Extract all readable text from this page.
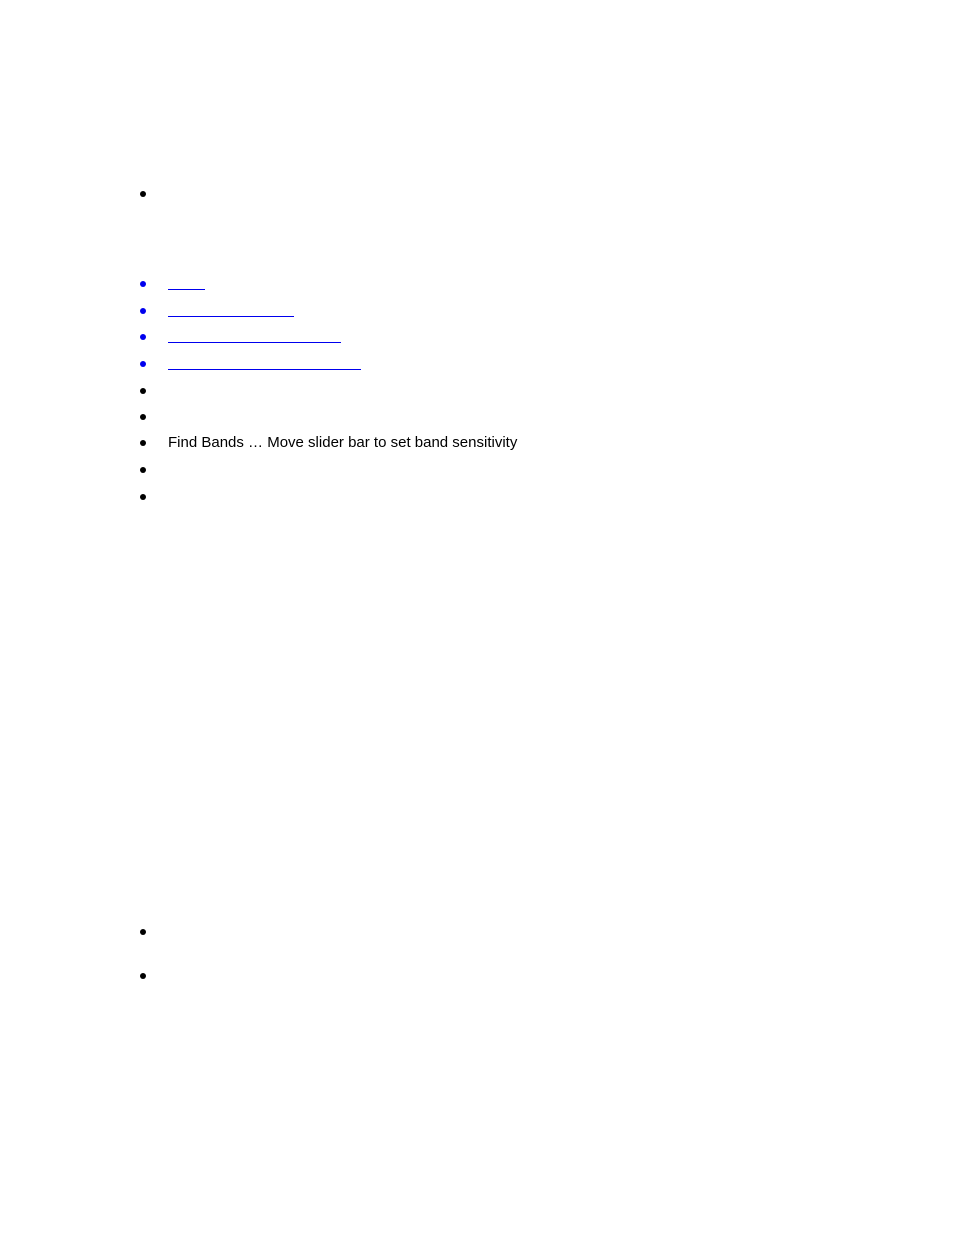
Find Bands … Move slider bar to set band sensitivity
